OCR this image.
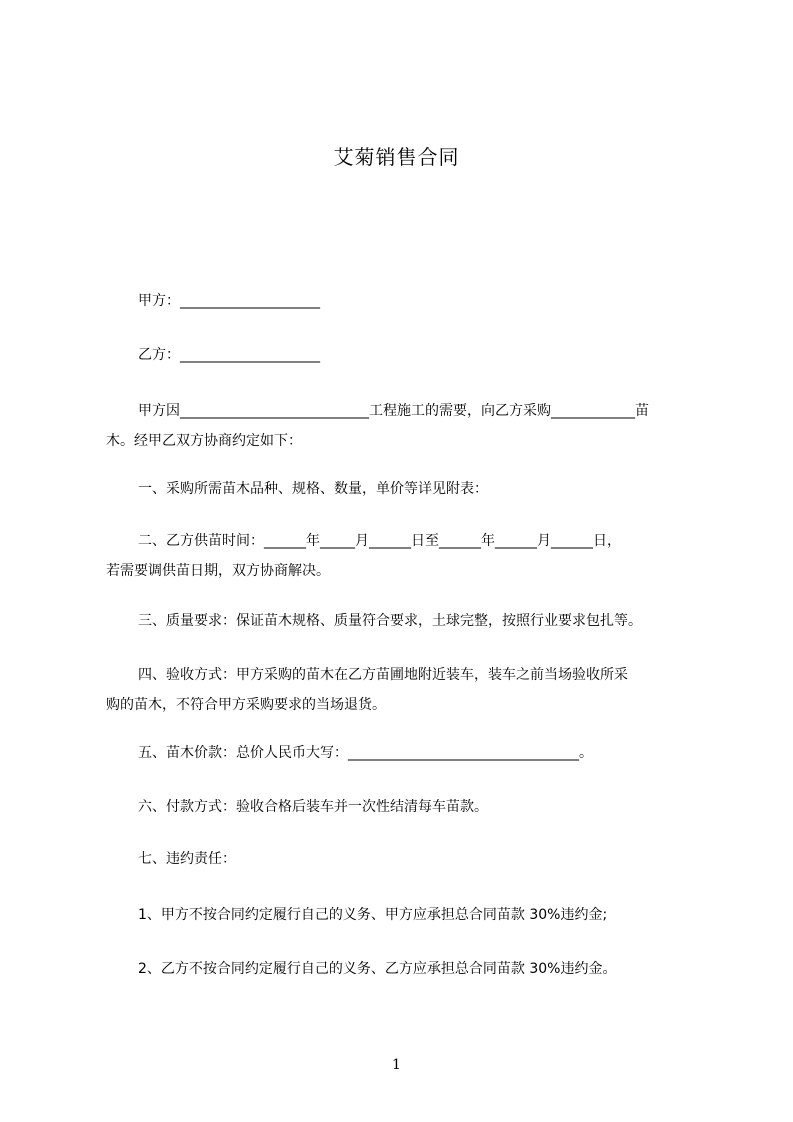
艾菊销售合同
甲方：____________________
乙方：____________________
甲方因___________________________工程施工的需要，向乙方采购____________苗
木。经甲乙双方协商约定如下：
一、采购所需苗木品种、规格、数量，单价等详见附表：
二、乙方供苗时间：______年_____月______日至______年______月______日，
若需要调供苗日期，双方协商解决。
三、质量要求：保证苗木规格、质量符合要求，土球完整，按照行业要求包扎等。
四、验收方式：甲方采购的苗木在乙方苗圃地附近装车，装车之前当场验收所采
购的苗木，不符合甲方采购要求的当场退货。
五、苗木价款：总价人民币大写：_________________________________。
六、付款方式：验收合格后装车并一次性结清每车苗款。
七、违约责任：
1、甲方不按合同约定履行自己的义务、甲方应承担总合同苗款 30%违约金;
2、乙方不按合同约定履行自己的义务、乙方应承担总合同苗款 30%违约金。
1
